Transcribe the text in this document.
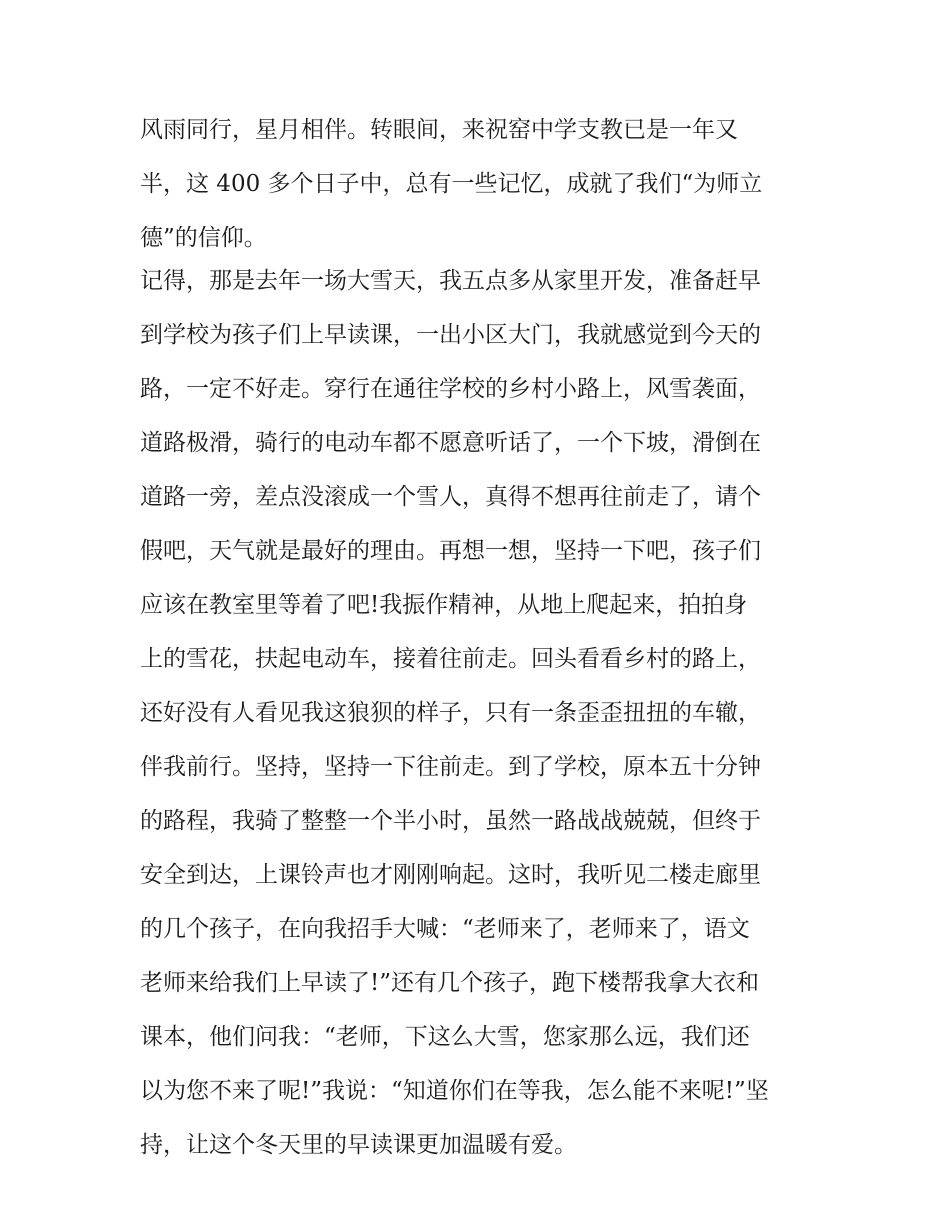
风雨同行，星月相伴。转眼间，来祝窑中学支教已是一年又
半，这 400 多个日子中，总有一些记忆，成就了我们“为师立
德”的信仰。
记得，那是去年一场大雪天，我五点多从家里开发，准备赶早
到学校为孩子们上早读课，一出小区大门，我就感觉到今天的
路，一定不好走。穿行在通往学校的乡村小路上，风雪袭面，
道路极滑，骑行的电动车都不愿意听话了，一个下坡，滑倒在
道路一旁，差点没滚成一个雪人，真得不想再往前走了，请个
假吧，天气就是最好的理由。再想一想，坚持一下吧，孩子们
应该在教室里等着了吧!我振作精神，从地上爬起来，拍拍身
上的雪花，扶起电动车，接着往前走。回头看看乡村的路上，
还好没有人看见我这狼狈的样子，只有一条歪歪扭扭的车辙，
伴我前行。坚持，坚持一下往前走。到了学校，原本五十分钟
的路程，我骑了整整一个半小时，虽然一路战战兢兢，但终于
安全到达，上课铃声也才刚刚响起。这时，我听见二楼走廊里
的几个孩子，在向我招手大喊：“老师来了，老师来了，语文
老师来给我们上早读了!”还有几个孩子，跑下楼帮我拿大衣和
课本，他们问我：“老师，下这么大雪，您家那么远，我们还
以为您不来了呢!”我说：“知道你们在等我，怎么能不来呢!”坚
持，让这个冬天里的早读课更加温暖有爱。
